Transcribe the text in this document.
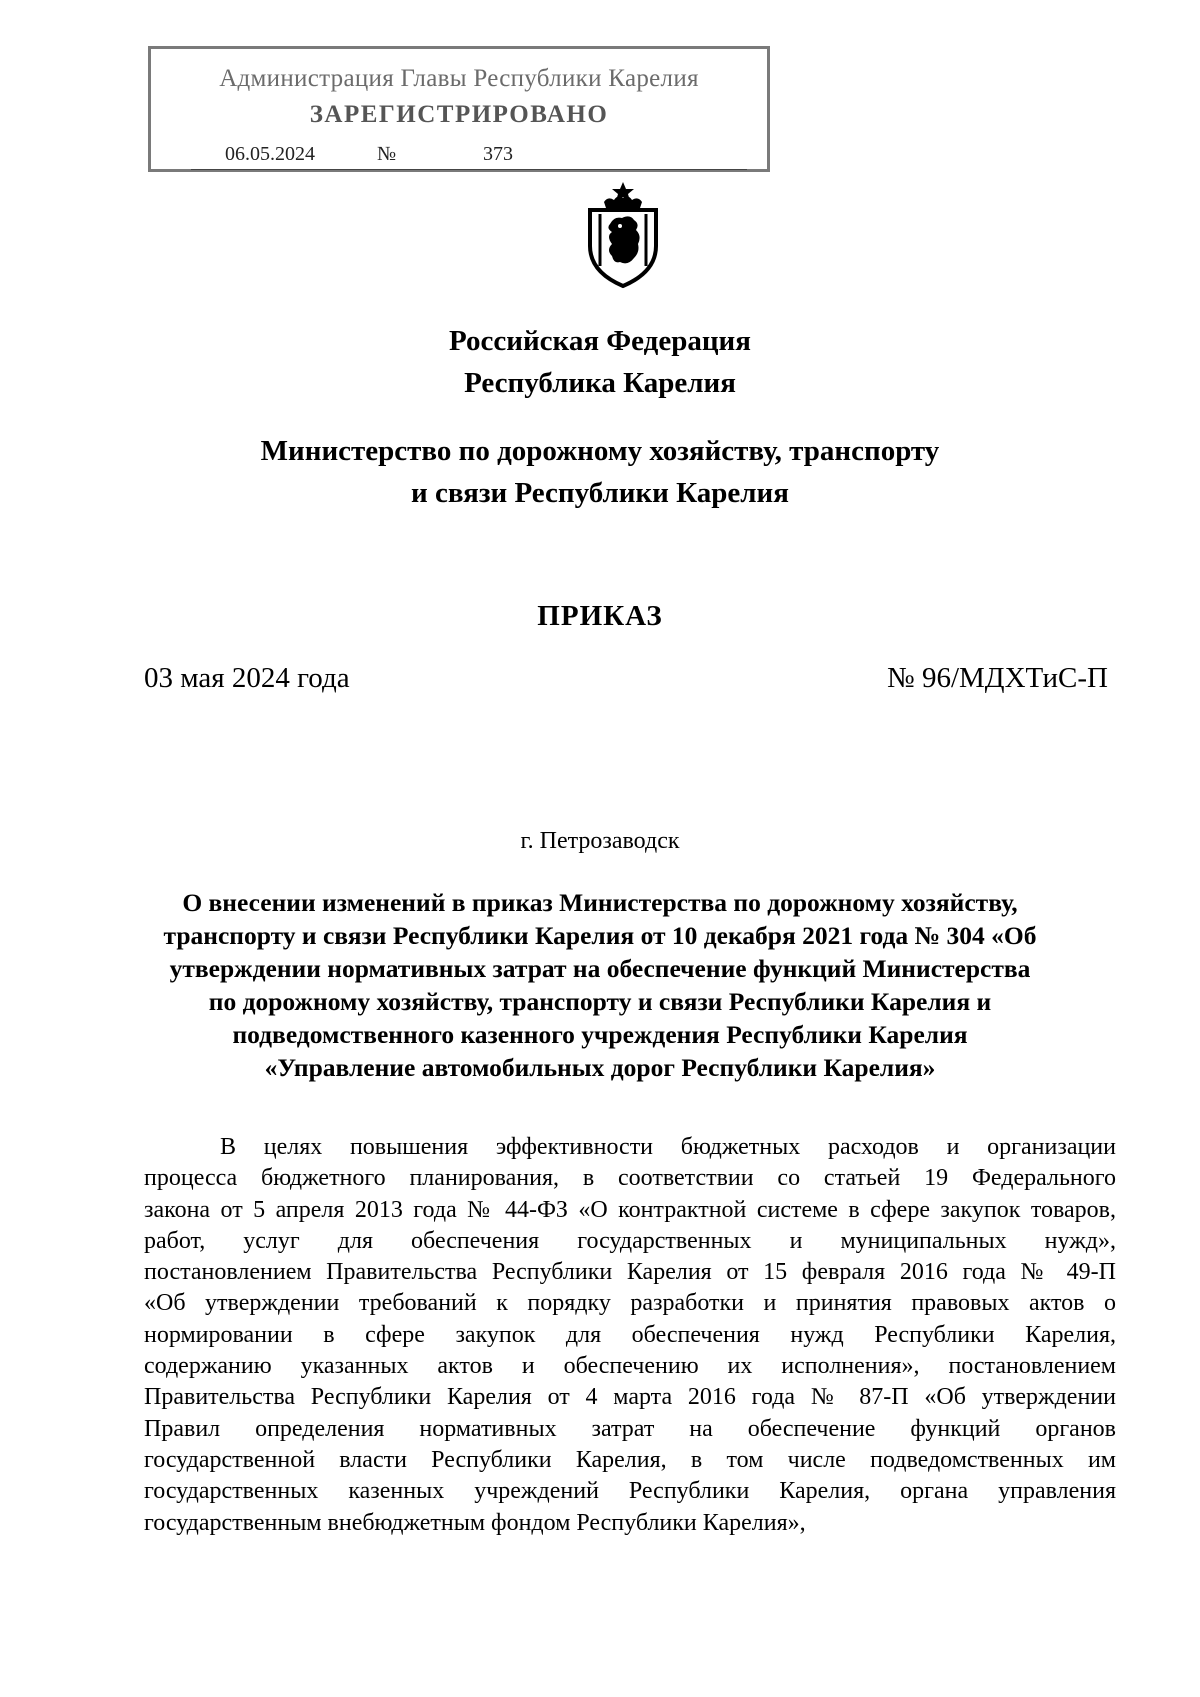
Администрация Главы Республики Карелия
ЗАРЕГИСТРИРОВАНО
06.05.2024	№	373
Российская Федерация
Республика Карелия
Министерство по дорожному хозяйству, транспорту
и связи Республики Карелия
ПРИКАЗ
03 мая 2024 года	№ 96/МДХТиС-П
г. Петрозаводск
О внесении изменений в приказ Министерства по дорожному хозяйству,
транспорту и связи Республики Карелия от 10 декабря 2021 года № 304 «Об
утверждении нормативных затрат на обеспечение функций Министерства
по дорожному хозяйству, транспорту и связи Республики Карелия и
подведомственного казенного учреждения Республики Карелия
«Управление автомобильных дорог Республики Карелия»
В целях повышения эффективности бюджетных расходов и организации
процесса бюджетного планирования, в соответствии со статьей 19 Федерального
закона от 5 апреля 2013 года № 44-ФЗ «О контрактной системе в сфере закупок товаров,
работ, услуг для обеспечения государственных и муниципальных нужд»,
постановлением Правительства Республики Карелия от 15 февраля 2016 года № 49-П
«Об утверждении требований к порядку разработки и принятия правовых актов о
нормировании в сфере закупок для обеспечения нужд Республики Карелия,
содержанию указанных актов и обеспечению их исполнения», постановлением
Правительства Республики Карелия от 4 марта 2016 года № 87-П «Об утверждении
Правил определения нормативных затрат на обеспечение функций органов
государственной власти Республики Карелия, в том числе подведомственных им
государственных казенных учреждений Республики Карелия, органа управления
государственным внебюджетным фондом Республики Карелия»,
